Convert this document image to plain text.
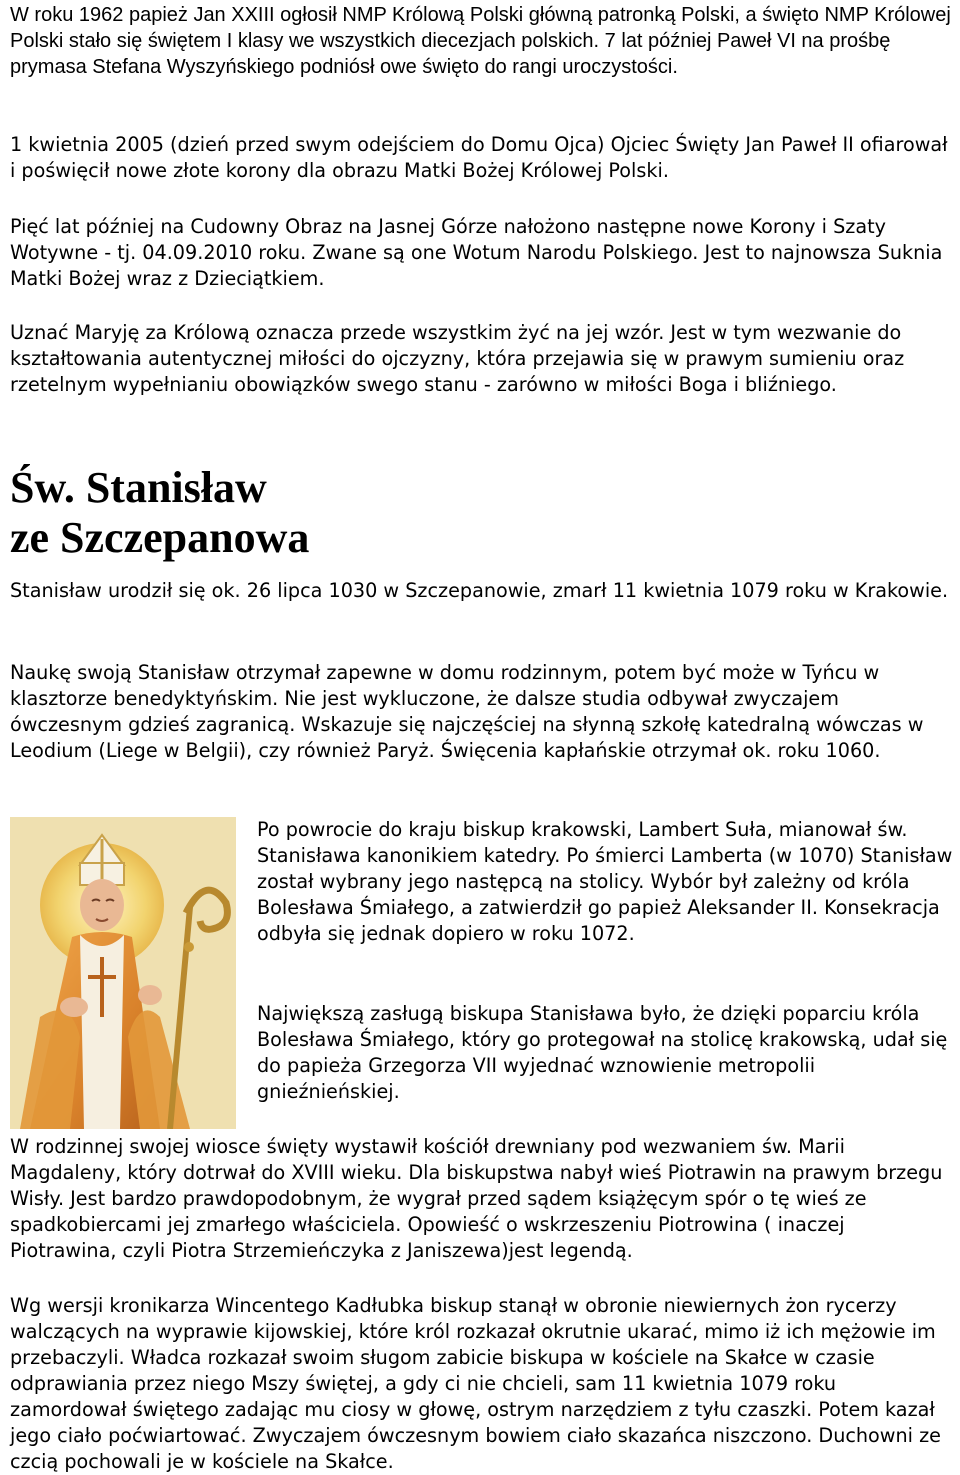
W roku 1962 papież Jan XXIII ogłosił NMP Królową Polski główną patronką Polski, a święto NMP Królowej Polski stało się świętem I klasy we wszystkich diecezjach polskich. 7 lat później Paweł VI na prośbę prymasa Stefana Wyszyńskiego podniósł owe święto do rangi uroczystości.

1 kwietnia 2005 (dzień przed swym odejściem do Domu Ojca) Ojciec Święty Jan Paweł II ofiarował i poświęcił nowe złote korony dla obrazu Matki Bożej Królowej Polski.

Pięć lat później na Cudowny Obraz na Jasnej Górze nałożono następne nowe Korony i Szaty Wotywne - tj. 04.09.2010 roku. Zwane są one Wotum Narodu Polskiego. Jest to najnowsza Suknia Matki Bożej wraz z Dzieciątkiem.

Uznać Maryję za Królową oznacza przede wszystkim żyć na jej wzór. Jest w tym wezwanie do kształtowania autentycznej miłości do ojczyzny, która przejawia się w prawym sumieniu oraz rzetelnym wypełnianiu obowiązków swego stanu - zarówno w miłości Boga i bliźniego.

Św. Stanisław
ze Szczepanowa

Stanisław urodził się ok. 26 lipca 1030 w Szczepanowie, zmarł 11 kwietnia 1079 roku w Krakowie.

Naukę swoją Stanisław otrzymał zapewne w domu rodzinnym, potem być może w Tyńcu w klasztorze benedyktyńskim. Nie jest wykluczone, że dalsze studia odbywał zwyczajem ówczesnym gdzieś zagranicą. Wskazuje się najczęściej na słynną szkołę katedralną wówczas w Leodium (Liege w Belgii), czy również Paryż. Święcenia kapłańskie otrzymał ok. roku 1060.

Po powrocie do kraju biskup krakowski, Lambert Suła, mianował św. Stanisława kanonikiem katedry. Po śmierci Lamberta (w 1070) Stanisław został wybrany jego następcą na stolicy. Wybór był zależny od króla Bolesława Śmiałego, a zatwierdził go papież Aleksander II. Konsekracja odbyła się jednak dopiero w roku 1072.

Największą zasługą biskupa Stanisława było, że dzięki poparciu króla Bolesława Śmiałego, który go protegował na stolicę krakowską, udał się do papieża Grzegorza VII wyjednać wznowienie metropolii gnieźnieńskiej.

W rodzinnej swojej wiosce święty wystawił kościół drewniany pod wezwaniem św. Marii Magdaleny, który dotrwał do XVIII wieku. Dla biskupstwa nabył wieś Piotrawin na prawym brzegu Wisły. Jest bardzo prawdopodobnym, że wygrał przed sądem książęcym spór o tę wieś ze spadkobiercami jej zmarłego właściciela. Opowieść o wskrzeszeniu Piotrowina ( inaczej Piotrawina, czyli Piotra Strzemieńczyka z Janiszewa)jest legendą.

Wg wersji kronikarza Wincentego Kadłubka biskup stanął w obronie niewiernych żon rycerzy walczących na wyprawie kijowskiej, które król rozkazał okrutnie ukarać, mimo iż ich mężowie im przebaczyli. Władca rozkazał swoim sługom zabicie biskupa w kościele na Skałce w czasie odprawiania przez niego Mszy świętej, a gdy ci nie chcieli, sam 11 kwietnia 1079 roku zamordował świętego zadając mu ciosy w głowę, ostrym narzędziem z tyłu czaszki. Potem kazał jego ciało poćwiartować. Zwyczajem ówczesnym bowiem ciało skazańca niszczono. Duchowni ze czcią pochowali je w kościele na Skałce.
